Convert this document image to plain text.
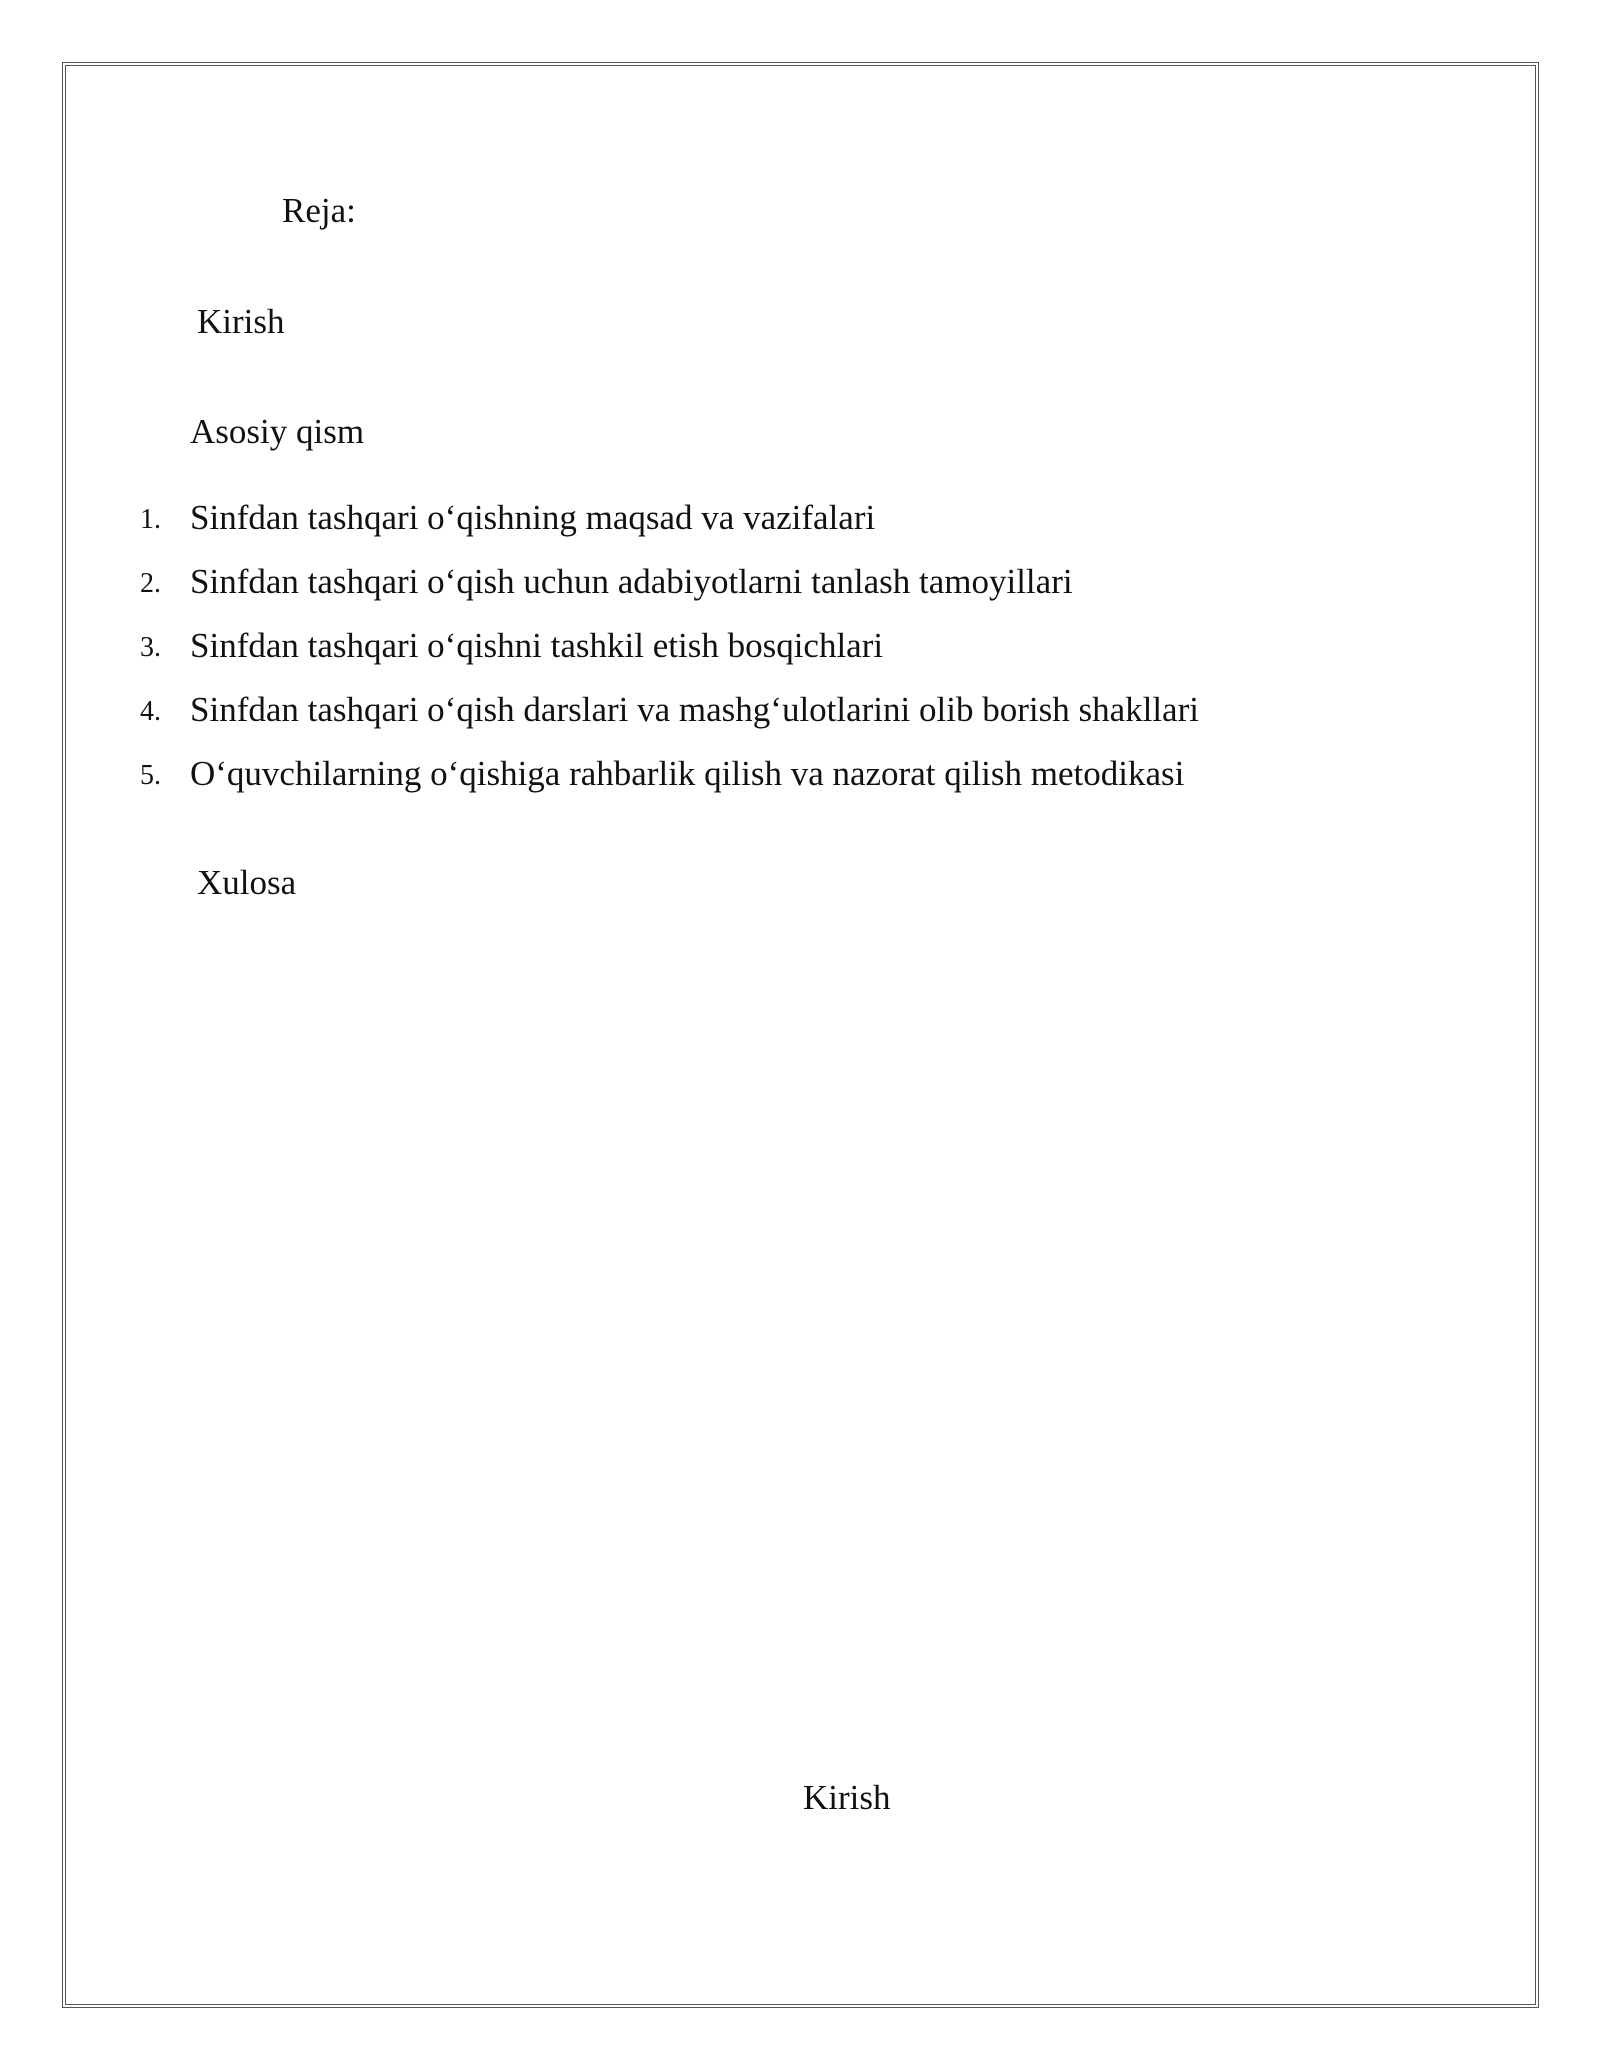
Reja:
Kirish
Asosiy qism
1. Sinfdan tashqari o‘qishning maqsad va vazifalari
2. Sinfdan tashqari o‘qish uchun adabiyotlarni tanlash tamoyillari
3. Sinfdan tashqari o‘qishni tashkil etish bosqichlari
4. Sinfdan tashqari o‘qish darslari va mashg‘ulotlarini olib borish shakllari
5. O‘quvchilarning o‘qishiga rahbarlik qilish va nazorat qilish metodikasi
Xulosa
Kirish
